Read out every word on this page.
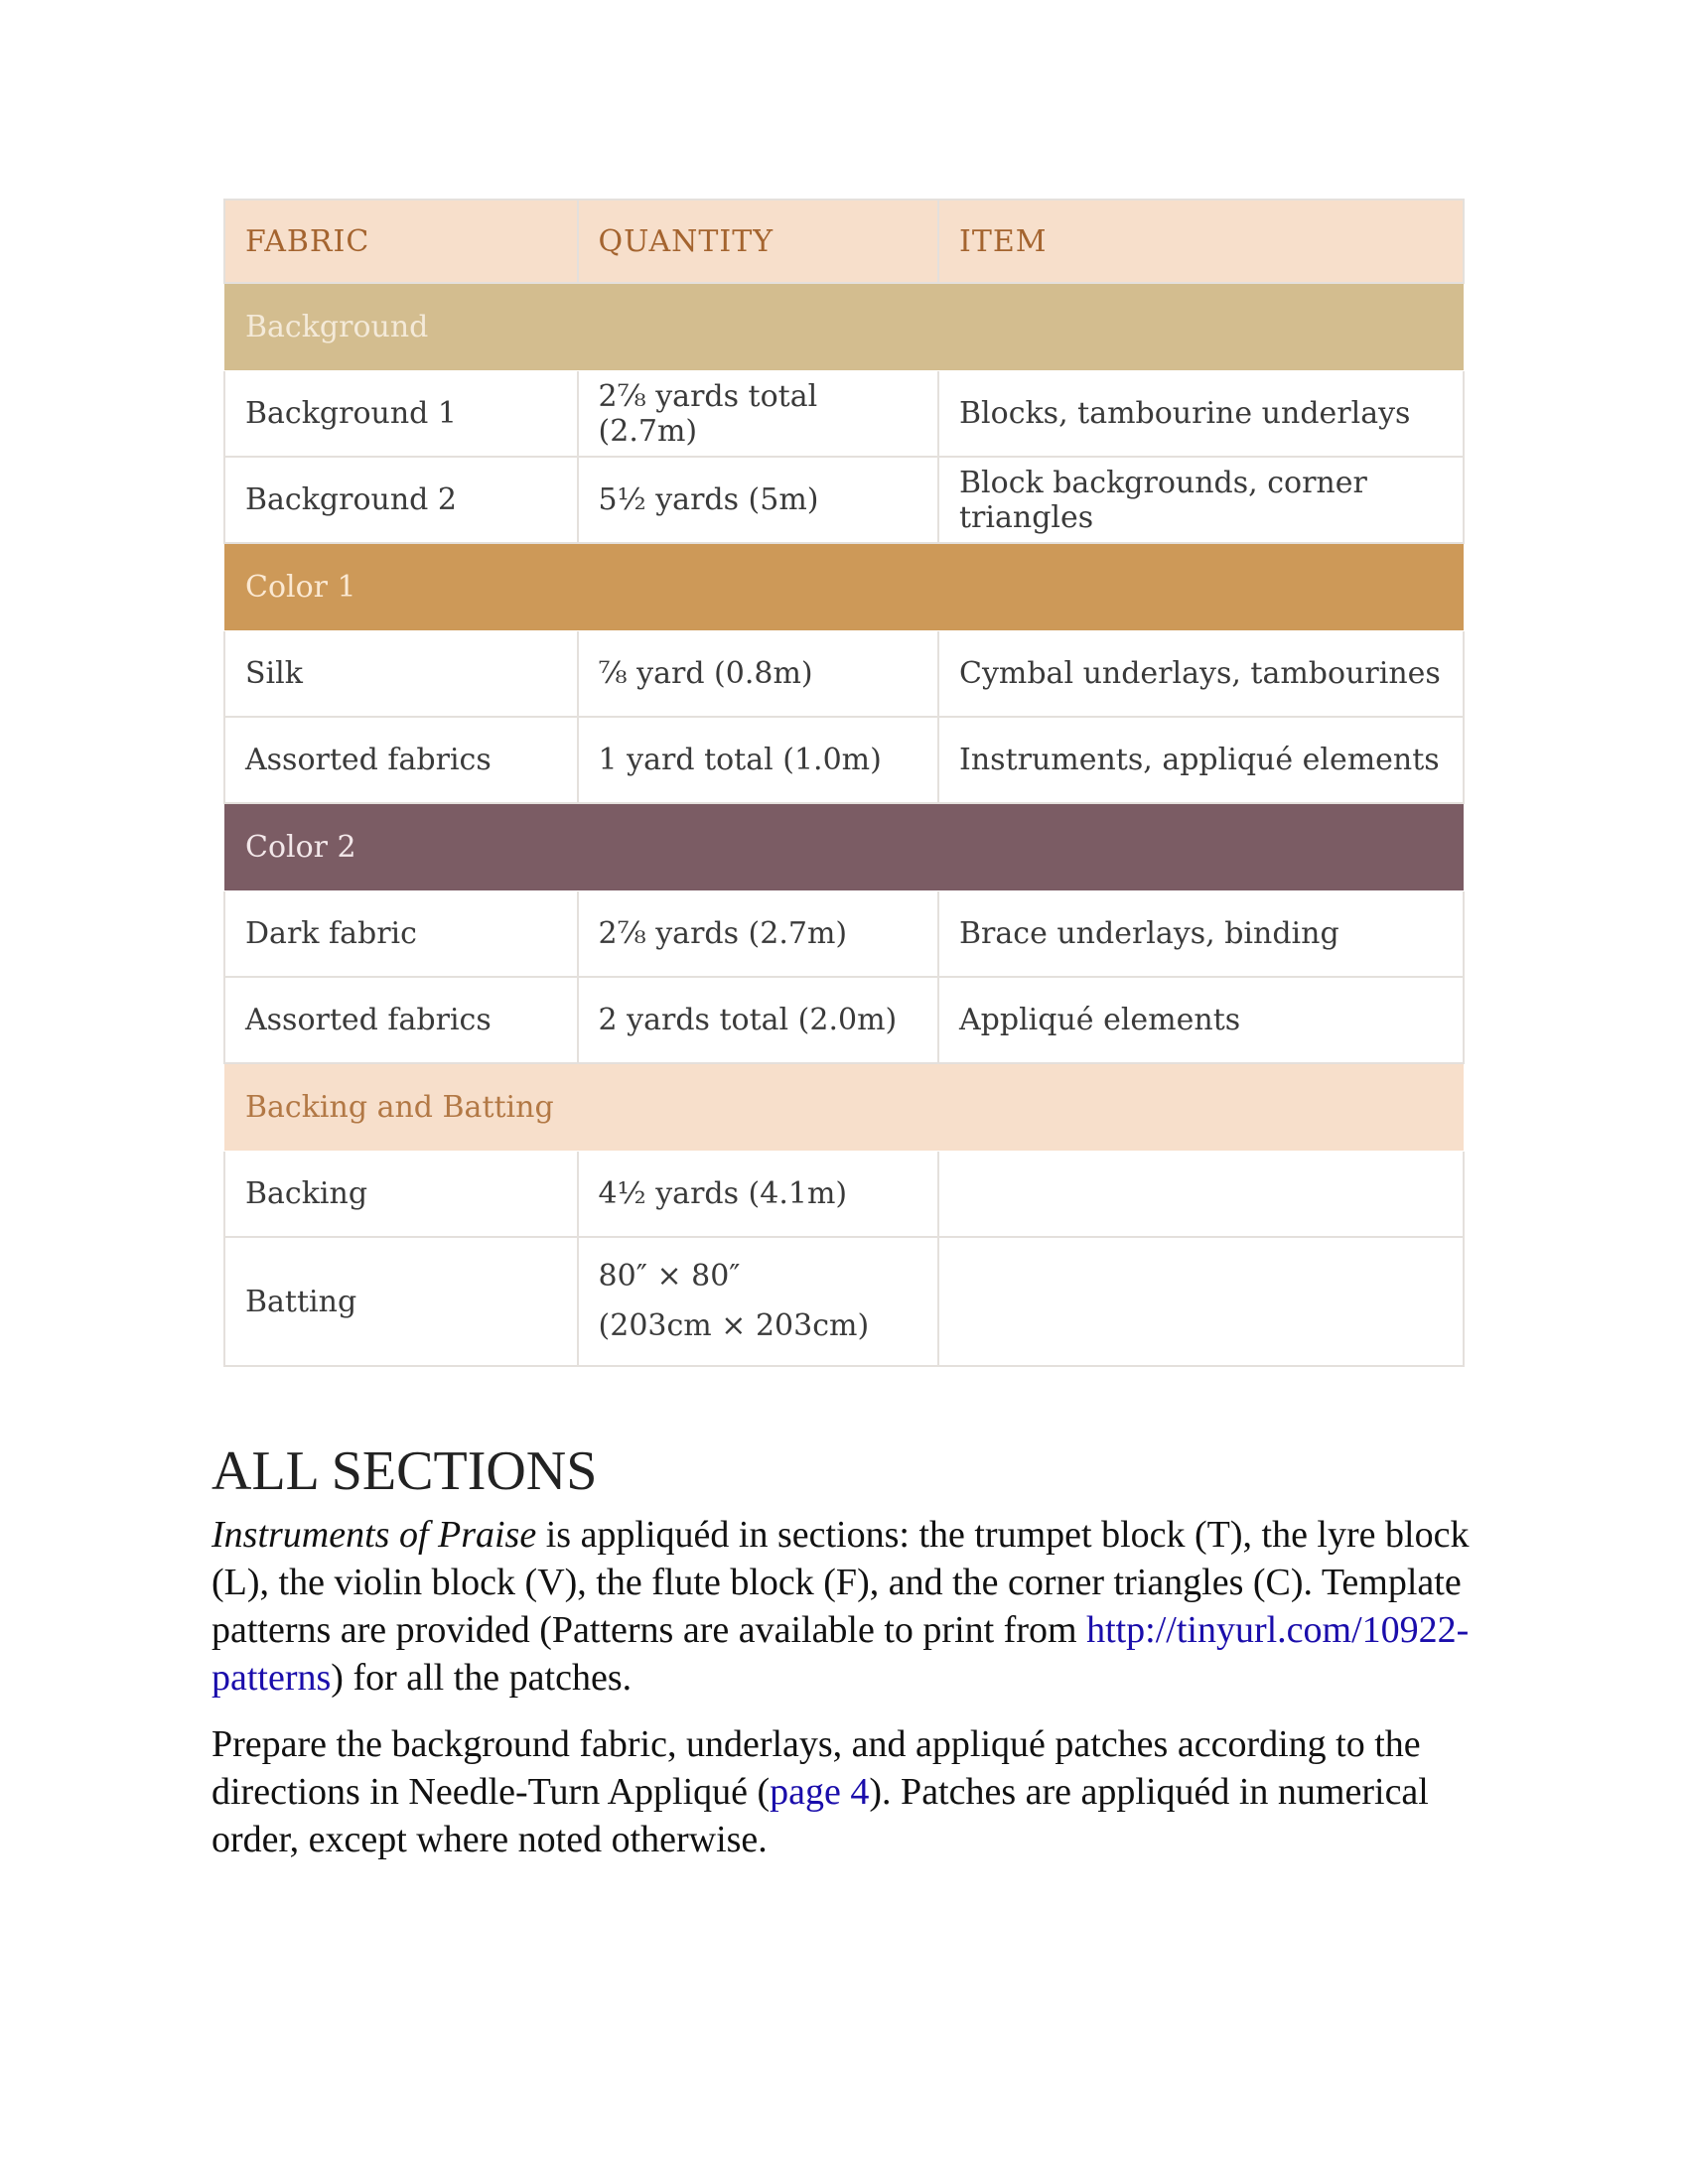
FABRIC	QUANTITY	ITEM
Background		
Background 1	2⅞ yards total (2.7m)	Blocks, tambourine underlays
Background 2	5½ yards (5m)	Block backgrounds, corner triangles
Color 1		
Silk	⅞ yard (0.8m)	Cymbal underlays, tambourines
Assorted fabrics	1 yard total (1.0m)	Instruments, appliqué elements
Color 2		
Dark fabric	2⅞ yards (2.7m)	Brace underlays, binding
Assorted fabrics	2 yards total (2.0m)	Appliqué elements
Backing and Batting		
Backing	4½ yards (4.1m)	
Batting	80″ × 80″
(203cm × 203cm)	

ALL SECTIONS

Instruments of Praise is appliquéd in sections: the trumpet block (T), the lyre block (L), the violin block (V), the flute block (F), and the corner triangles (C). Template patterns are provided (Patterns are available to print from http://tinyurl.com/10922-patterns) for all the patches.

Prepare the background fabric, underlays, and appliqué patches according to the directions in Needle-Turn Appliqué (page 4). Patches are appliquéd in numerical order, except where noted otherwise.
